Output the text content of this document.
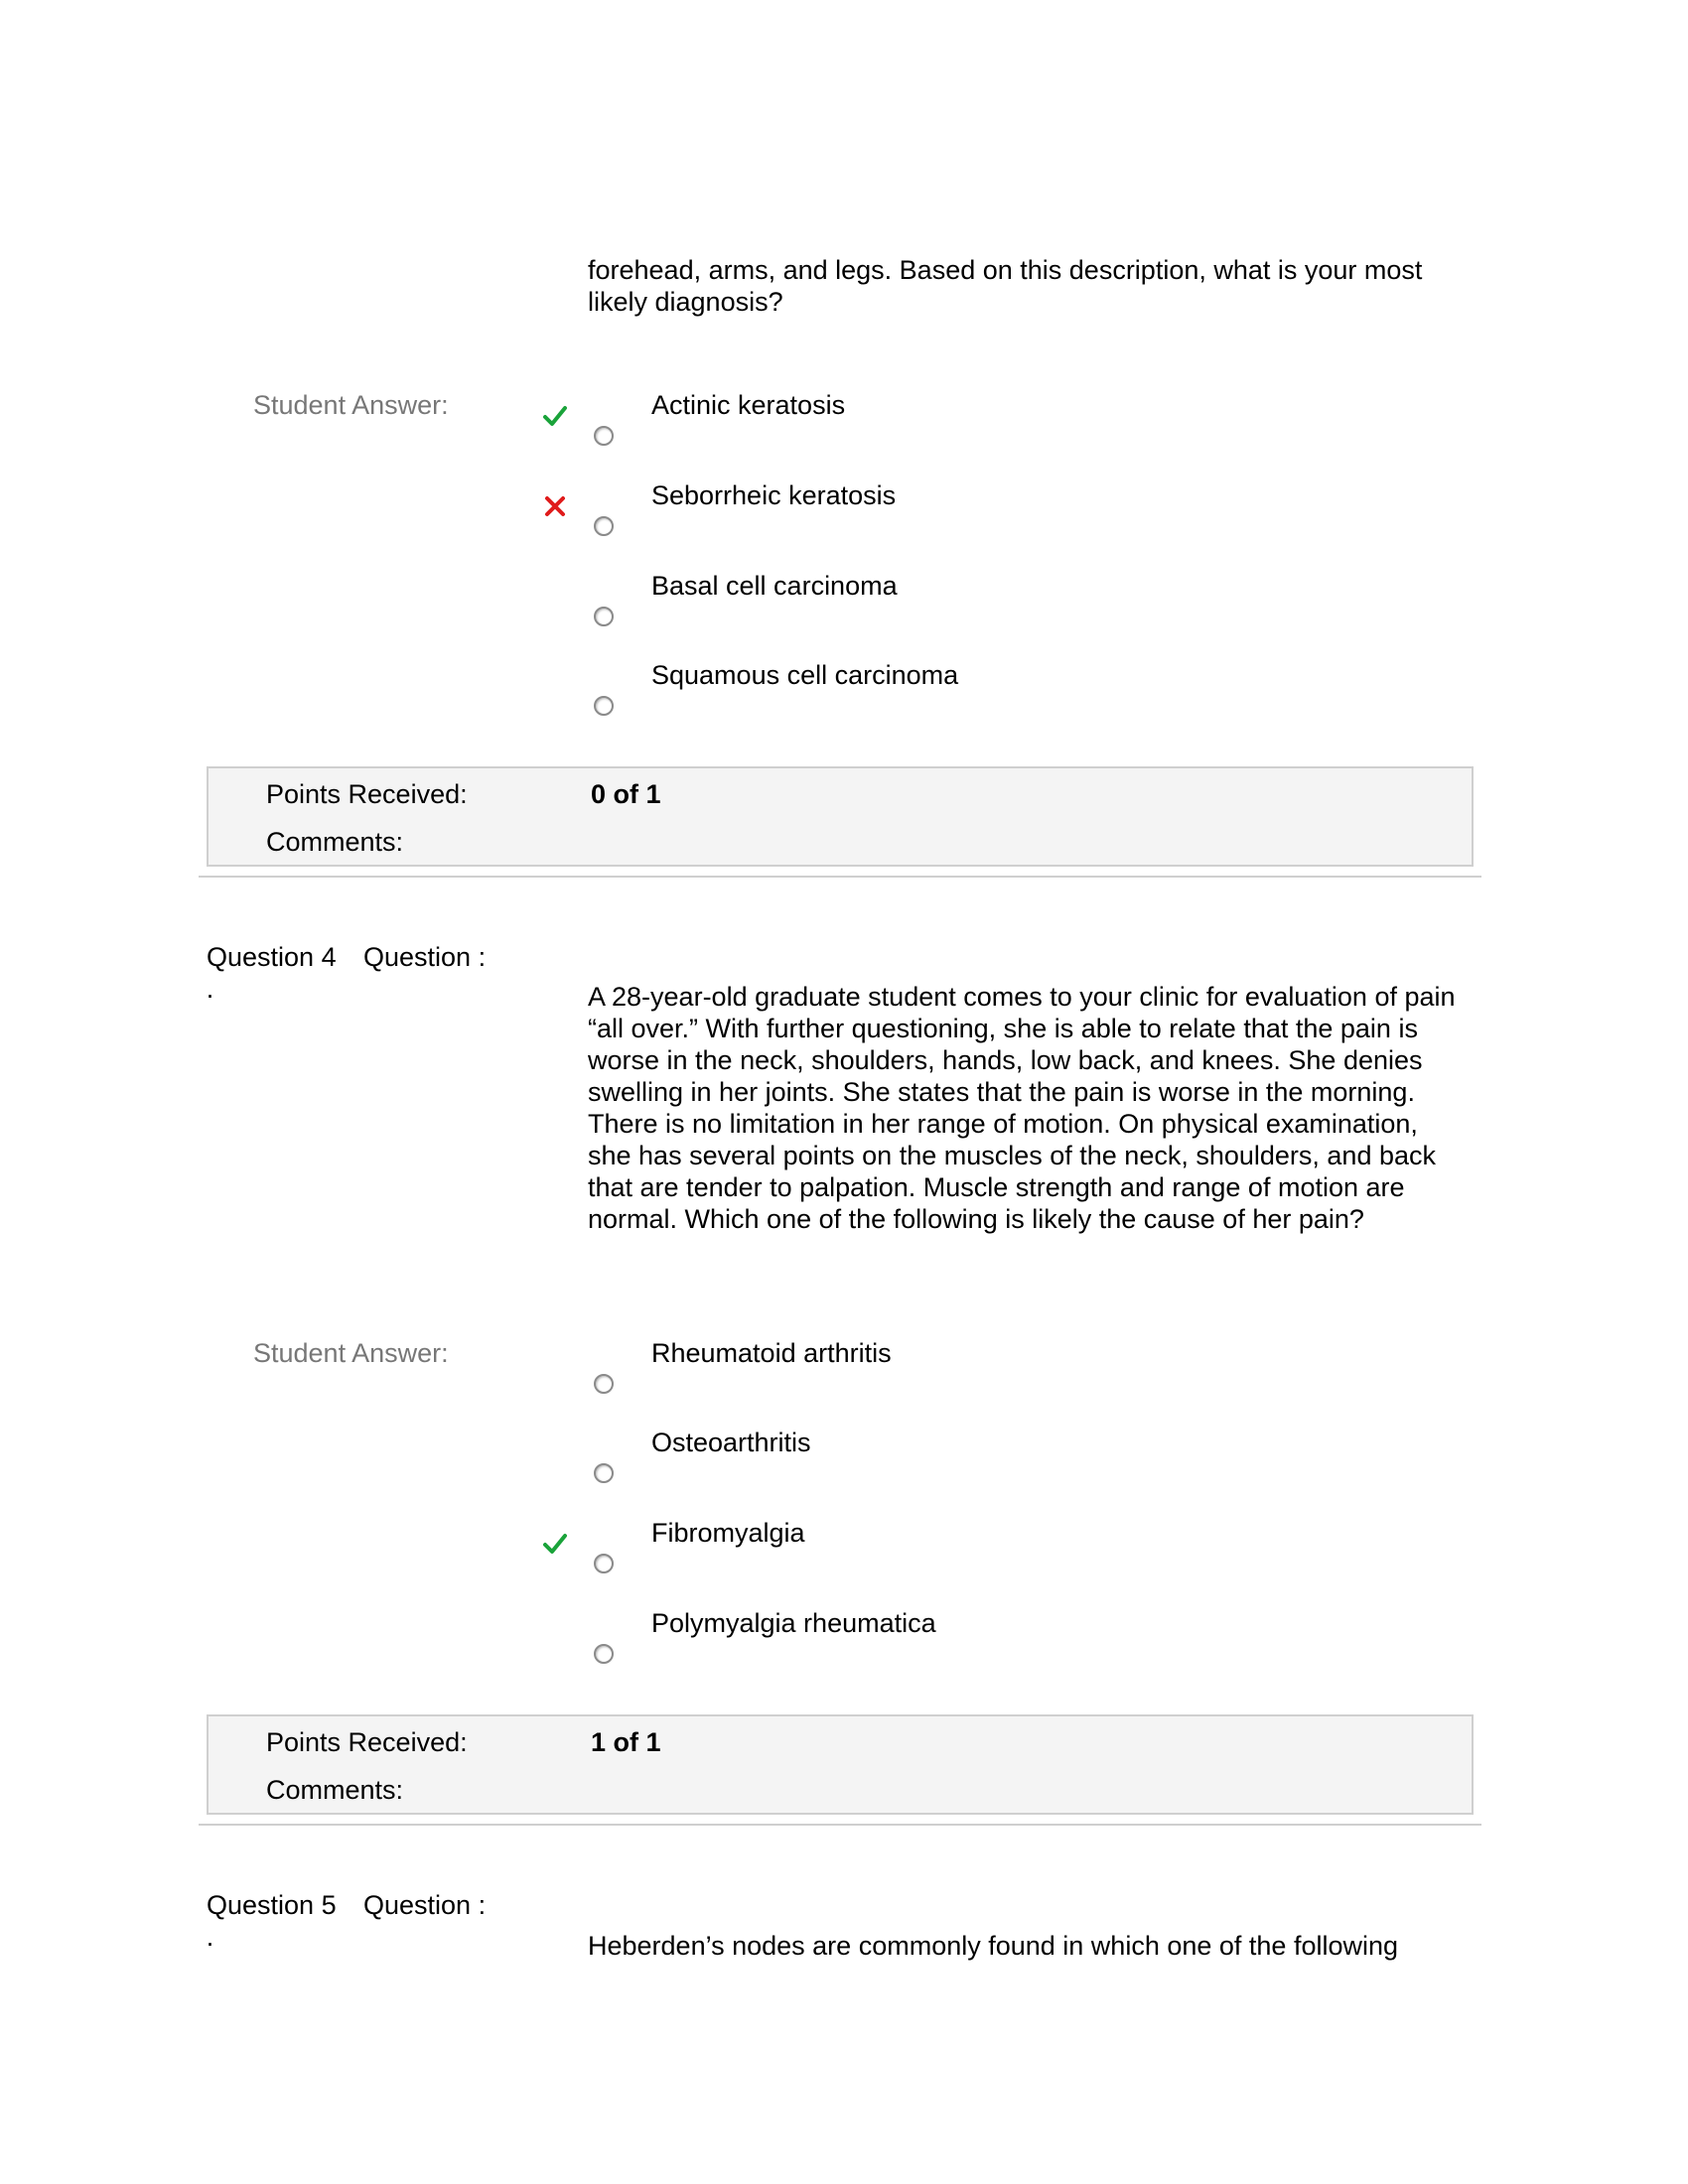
forehead, arms, and legs. Based on this description, what is your most likely diagnosis?
Student Answer:	Actinic keratosis
Seborrheic keratosis
Basal cell carcinoma
Squamous cell carcinoma
Points Received:	0 of 1
Comments:
Question 4 Question :
·	A 28-year-old graduate student comes to your clinic for evaluation of pain “all over.” With further questioning, she is able to relate that the pain is worse in the neck, shoulders, hands, low back, and knees. She denies swelling in her joints. She states that the pain is worse in the morning. There is no limitation in her range of motion. On physical examination, she has several points on the muscles of the neck, shoulders, and back that are tender to palpation. Muscle strength and range of motion are normal. Which one of the following is likely the cause of her pain?
Student Answer:	Rheumatoid arthritis
Osteoarthritis
Fibromyalgia
Polymyalgia rheumatica
Points Received:	1 of 1
Comments:
Question 5 Question :
·	Heberden’s nodes are commonly found in which one of the following
